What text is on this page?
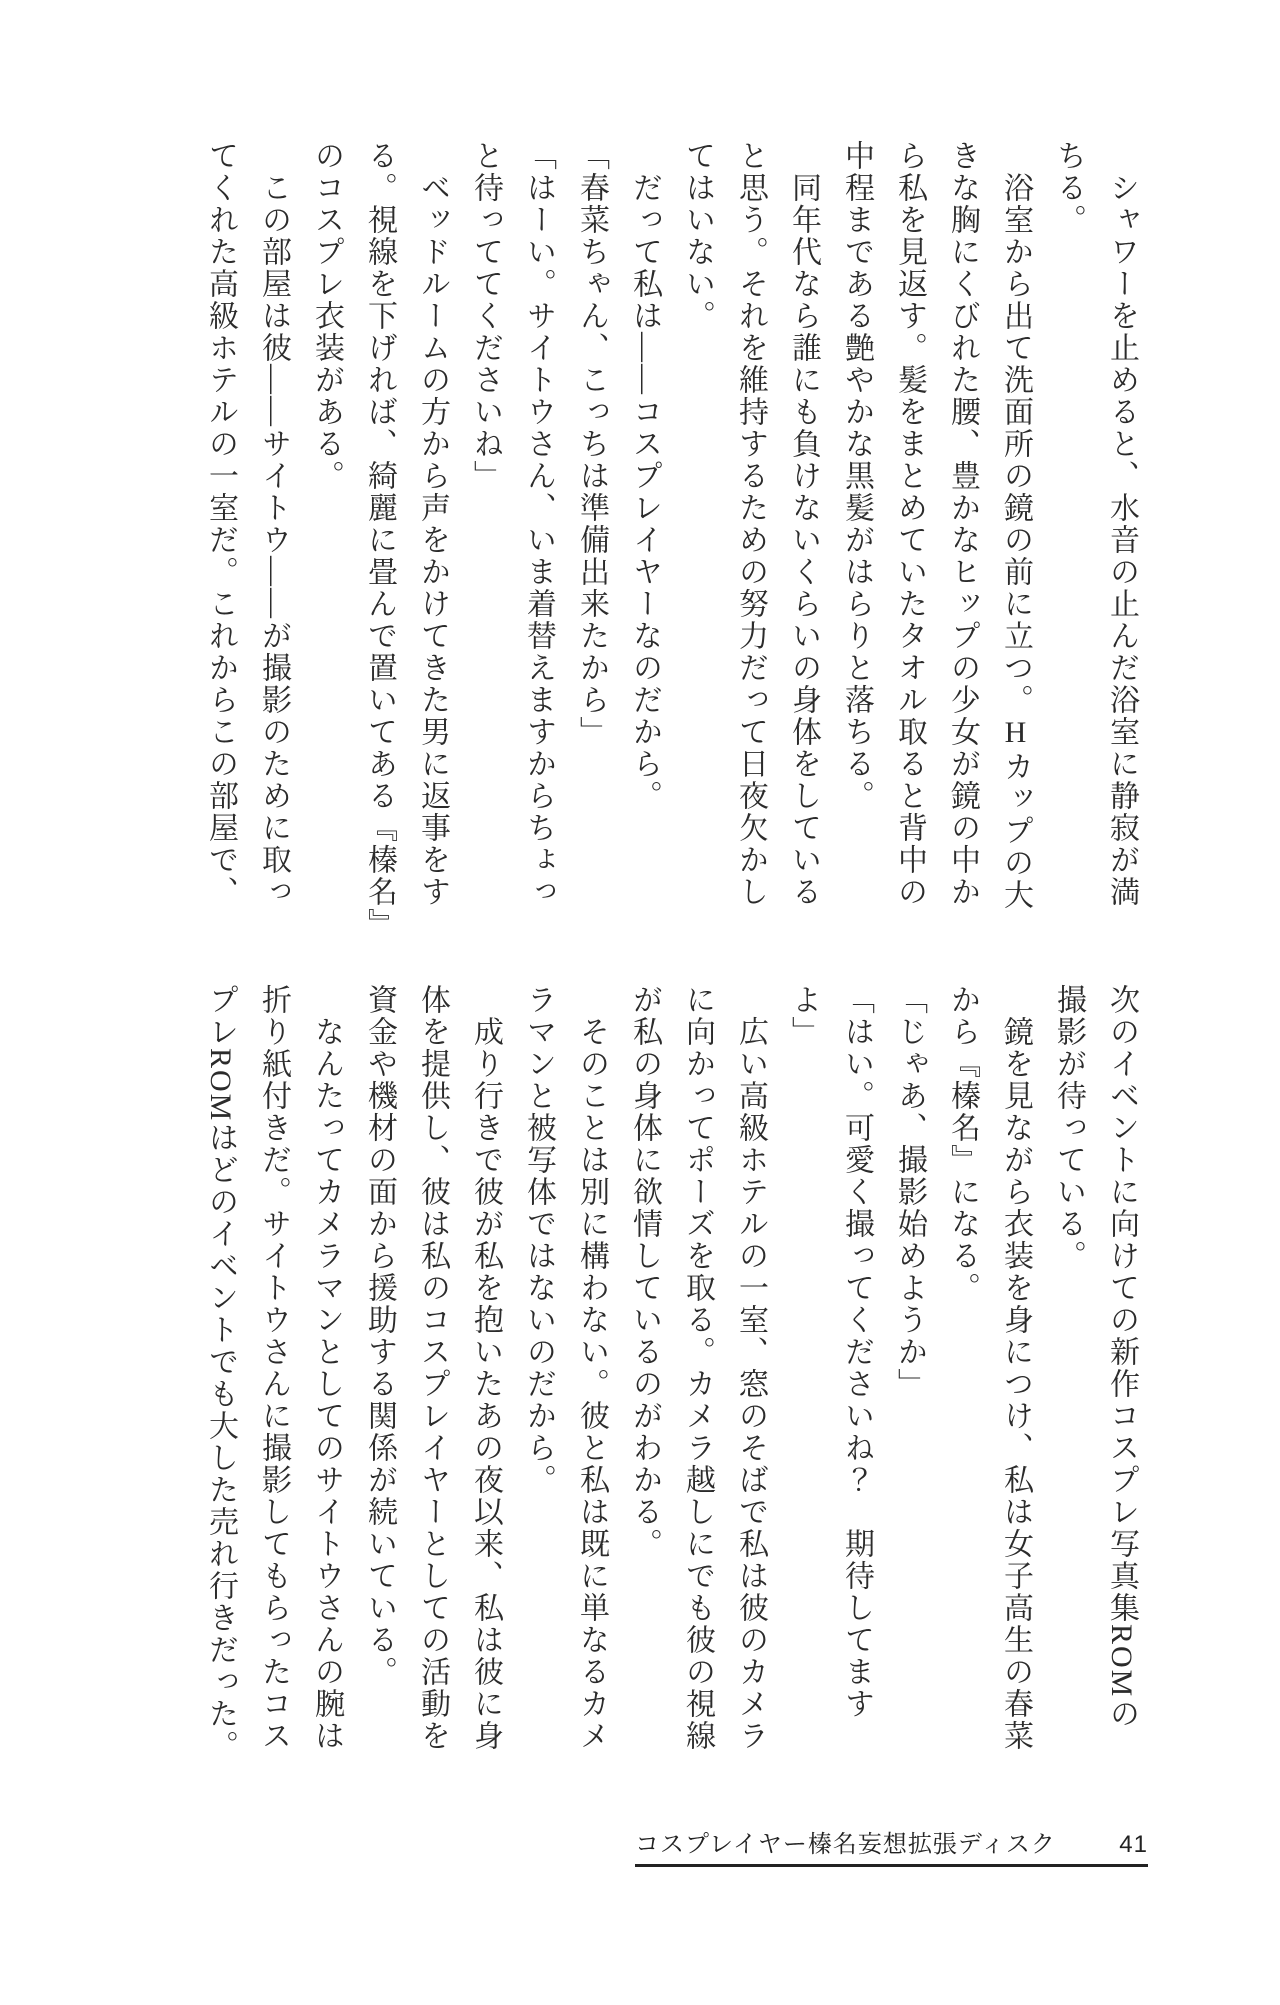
シャワーを止めると、水音の止んだ浴室に静寂が満
ちる。
浴室から出て洗面所の鏡の前に立つ。Hカップの大
きな胸にくびれた腰、豊かなヒップの少女が鏡の中か
ら私を見返す。髪をまとめていたタオル取ると背中の
中程まである艶やかな黒髪がはらりと落ちる。
同年代なら誰にも負けないくらいの身体をしている
と思う。それを維持するための努力だって日夜欠かし
てはいない。
だって私は――コスプレイヤーなのだから。
「春菜ちゃん、こっちは準備出来たから」
「はーい。サイトウさん、いま着替えますからちょっ
と待っててくださいね」
ベッドルームの方から声をかけてきた男に返事をす
る。視線を下げれば、綺麗に畳んで置いてある『榛名』
のコスプレ衣装がある。
この部屋は彼――サイトウ――が撮影のために取っ
てくれた高級ホテルの一室だ。これからこの部屋で、
次のイベントに向けての新作コスプレ写真集ROMの
撮影が待っている。
鏡を見ながら衣装を身につけ、私は女子高生の春菜
から『榛名』になる。
「じゃあ、撮影始めようか」
「はい。可愛く撮ってくださいね？　期待してます
よ」
広い高級ホテルの一室、窓のそばで私は彼のカメラ
に向かってポーズを取る。カメラ越しにでも彼の視線
が私の身体に欲情しているのがわかる。
そのことは別に構わない。彼と私は既に単なるカメ
ラマンと被写体ではないのだから。
成り行きで彼が私を抱いたあの夜以来、私は彼に身
体を提供し、彼は私のコスプレイヤーとしての活動を
資金や機材の面から援助する関係が続いている。
なんたってカメラマンとしてのサイトウさんの腕は
折り紙付きだ。サイトウさんに撮影してもらったコス
プレROMはどのイベントでも大した売れ行きだった。
コスプレイヤー榛名妄想拡張ディスク	41
